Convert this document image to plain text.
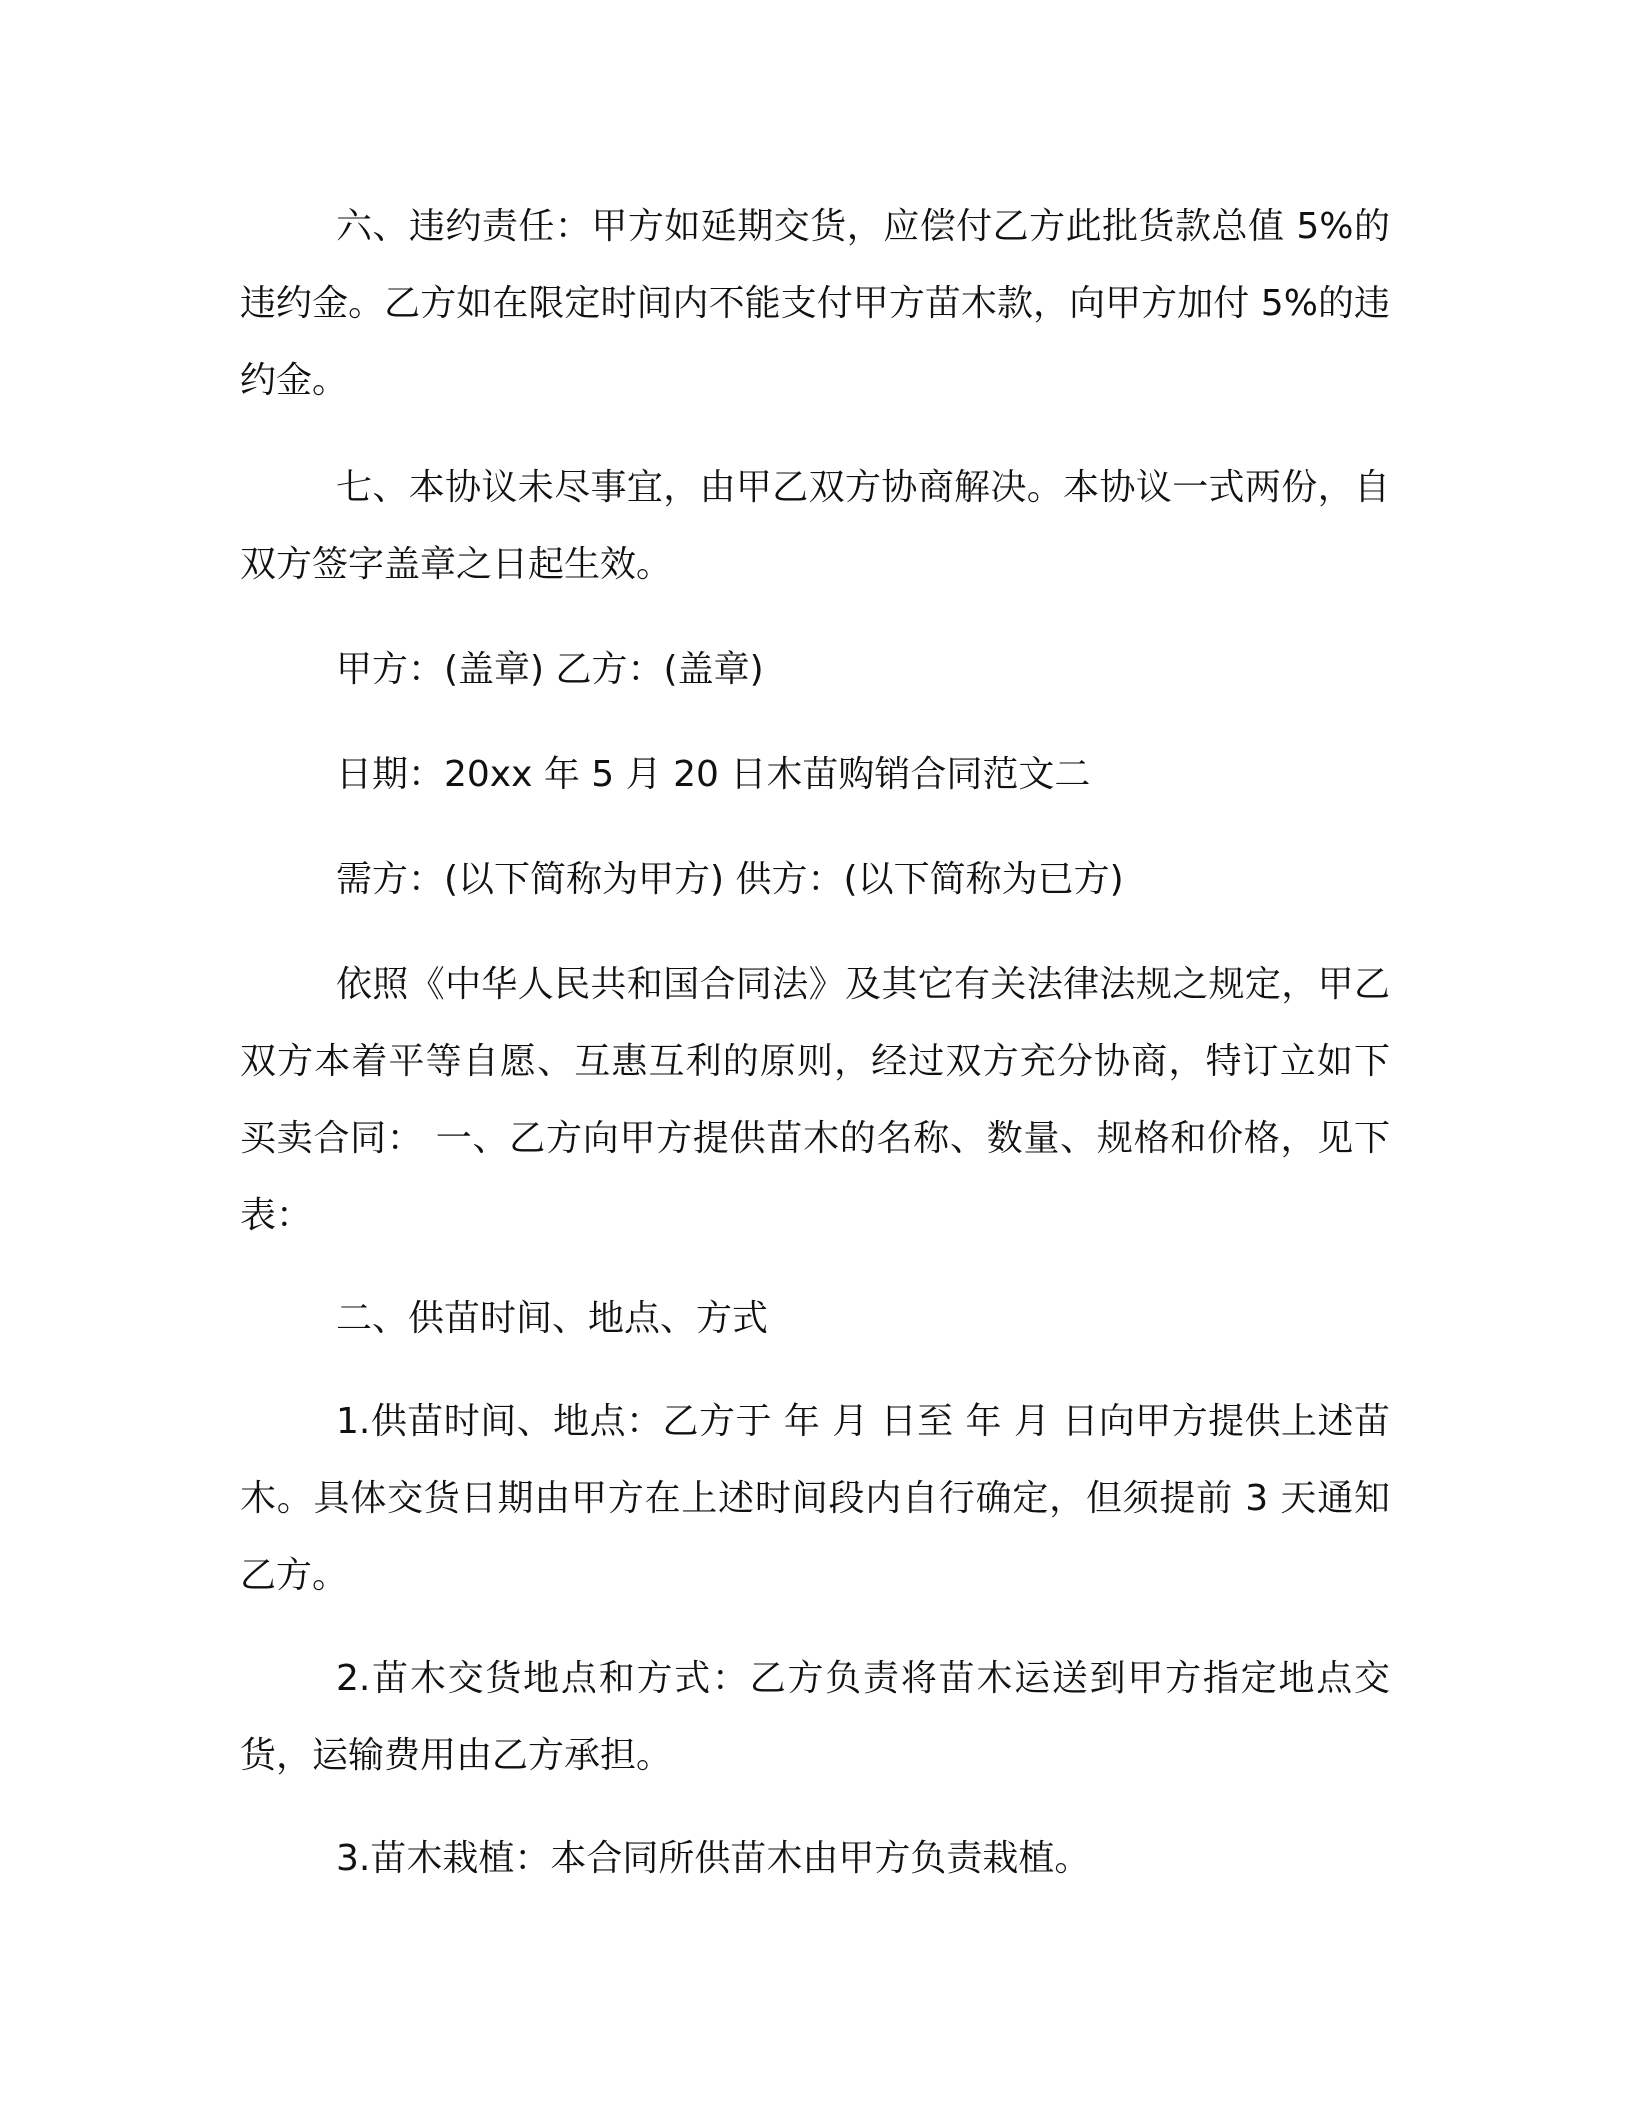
六、违约责任：甲方如延期交货，应偿付乙方此批货款总值 5%的违约金。乙方如在限定时间内不能支付甲方苗木款，向甲方加付 5%的违约金。

七、本协议未尽事宜，由甲乙双方协商解决。本协议一式两份，自双方签字盖章之日起生效。

甲方：(盖章) 乙方：(盖章)

日期：20xx 年 5 月 20 日木苗购销合同范文二

需方：(以下简称为甲方) 供方：(以下简称为已方)

依照《中华人民共和国合同法》及其它有关法律法规之规定，甲乙双方本着平等自愿、互惠互利的原则，经过双方充分协商，特订立如下买卖合同： 一、乙方向甲方提供苗木的名称、数量、规格和价格，见下表：

二、供苗时间、地点、方式

1.供苗时间、地点：乙方于 年 月 日至 年 月 日向甲方提供上述苗木。具体交货日期由甲方在上述时间段内自行确定，但须提前 3 天通知乙方。

2.苗木交货地点和方式：乙方负责将苗木运送到甲方指定地点交货，运输费用由乙方承担。

3.苗木栽植：本合同所供苗木由甲方负责栽植。
